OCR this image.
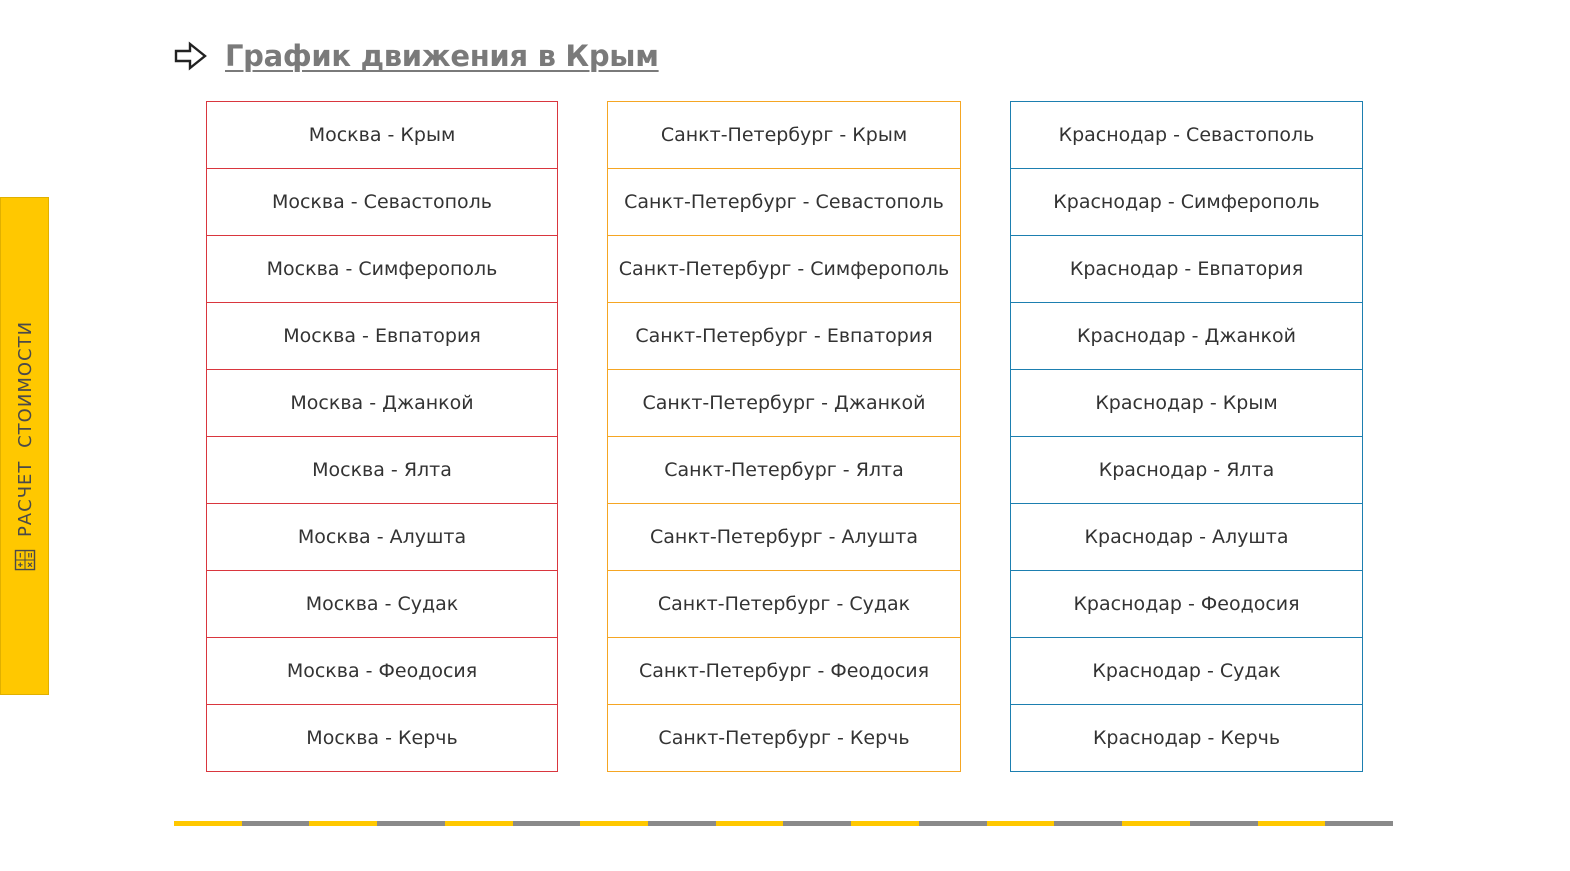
График движения в Крым
Москва - Крым
Москва - Севастополь
Москва - Симферополь
Москва - Евпатория
Москва - Джанкой
Москва - Ялта
Москва - Алушта
Москва - Судак
Москва - Феодосия
Москва - Керчь
Санкт-Петербург - Крым
Санкт-Петербург - Севастополь
Санкт-Петербург - Симферополь
Санкт-Петербург - Евпатория
Санкт-Петербург - Джанкой
Санкт-Петербург - Ялта
Санкт-Петербург - Алушта
Санкт-Петербург - Судак
Санкт-Петербург - Феодосия
Санкт-Петербург - Керчь
Краснодар - Севастополь
Краснодар - Симферополь
Краснодар - Евпатория
Краснодар - Джанкой
Краснодар - Крым
Краснодар - Ялта
Краснодар - Алушта
Краснодар - Феодосия
Краснодар - Судак
Краснодар - Керчь
РАСЧЕТ СТОИМОСТИ
